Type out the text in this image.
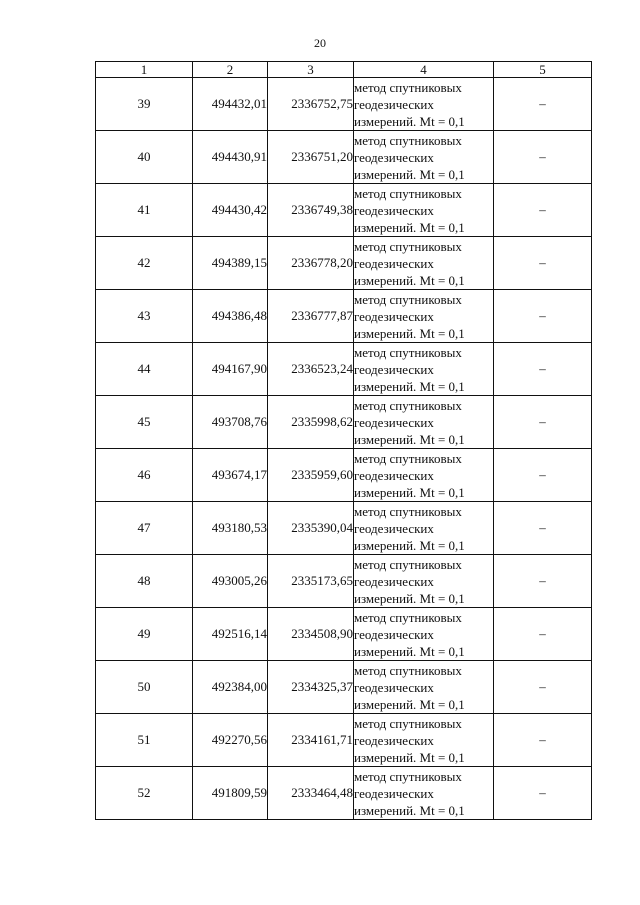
20
1	2	3	4	5
39	494432,01	2336752,75	метод спутниковых
геодезических
измерений. Mt = 0,1	–
40	494430,91	2336751,20	метод спутниковых
геодезических
измерений. Mt = 0,1	–
41	494430,42	2336749,38	метод спутниковых
геодезических
измерений. Mt = 0,1	–
42	494389,15	2336778,20	метод спутниковых
геодезических
измерений. Mt = 0,1	–
43	494386,48	2336777,87	метод спутниковых
геодезических
измерений. Mt = 0,1	–
44	494167,90	2336523,24	метод спутниковых
геодезических
измерений. Mt = 0,1	–
45	493708,76	2335998,62	метод спутниковых
геодезических
измерений. Mt = 0,1	–
46	493674,17	2335959,60	метод спутниковых
геодезических
измерений. Mt = 0,1	–
47	493180,53	2335390,04	метод спутниковых
геодезических
измерений. Mt = 0,1	–
48	493005,26	2335173,65	метод спутниковых
геодезических
измерений. Mt = 0,1	–
49	492516,14	2334508,90	метод спутниковых
геодезических
измерений. Mt = 0,1	–
50	492384,00	2334325,37	метод спутниковых
геодезических
измерений. Mt = 0,1	–
51	492270,56	2334161,71	метод спутниковых
геодезических
измерений. Mt = 0,1	–
52	491809,59	2333464,48	метод спутниковых
геодезических
измерений. Mt = 0,1	–
